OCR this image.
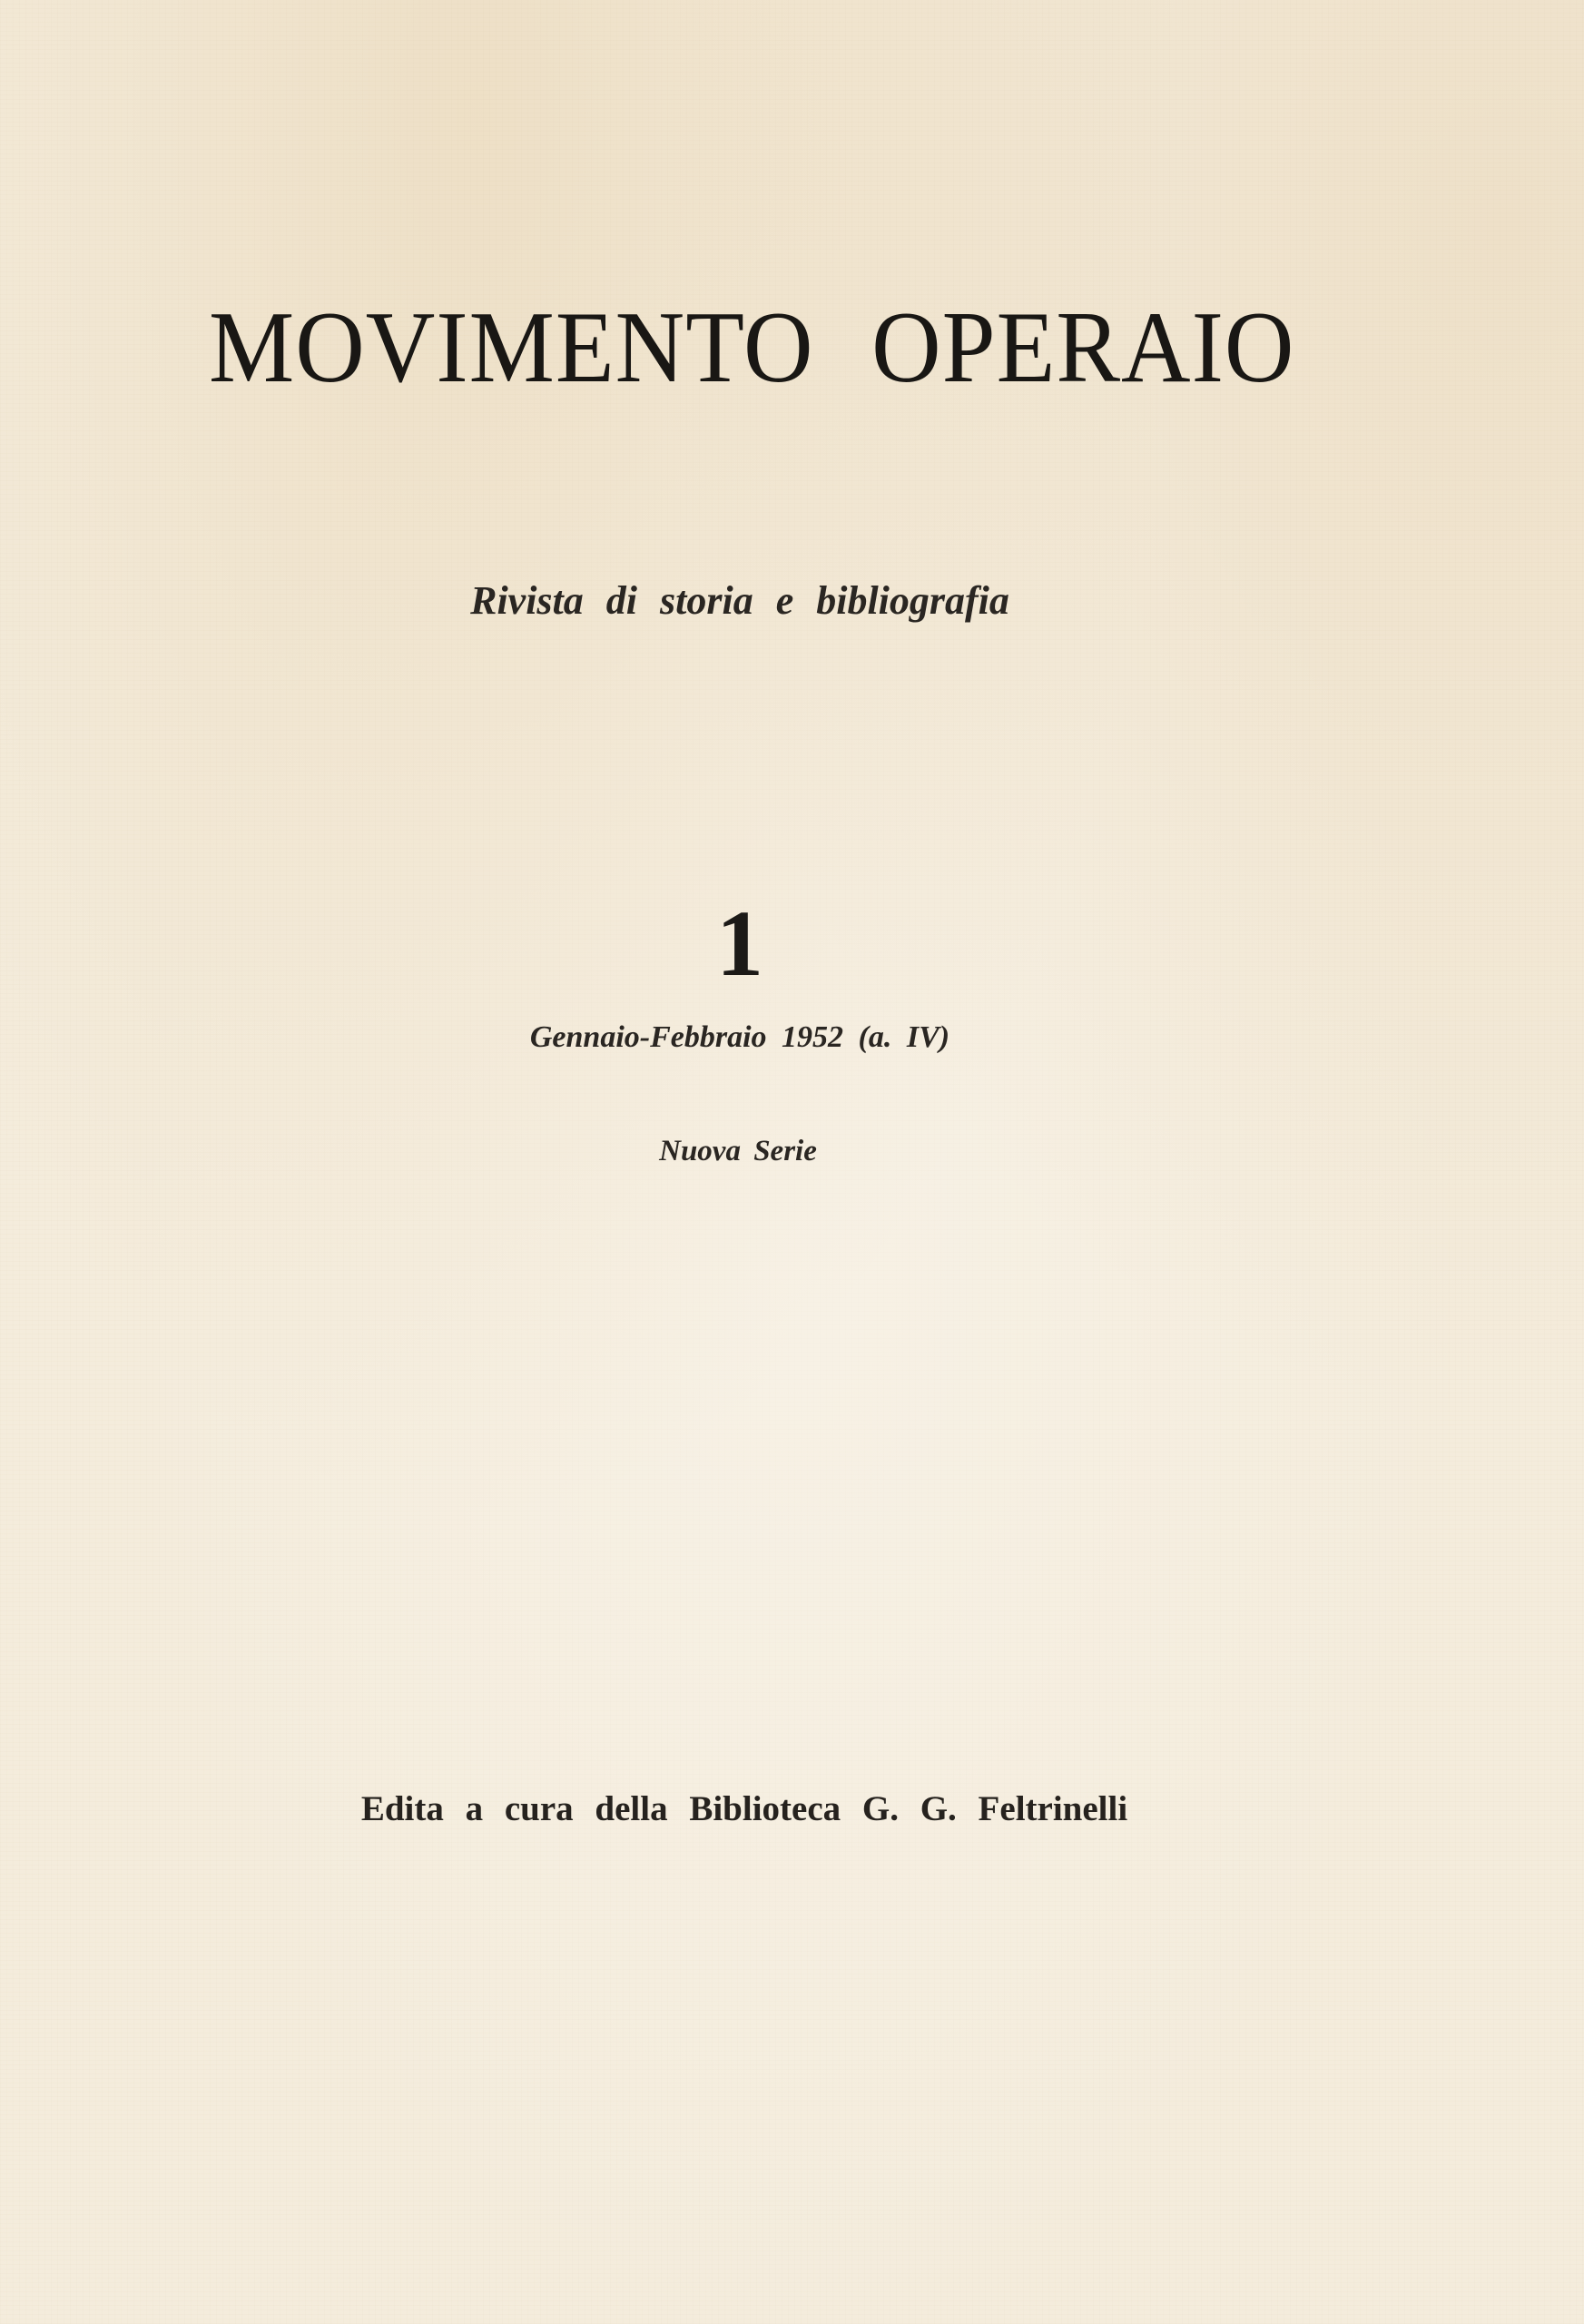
MOVIMENTO OPERAIO

Rivista di storia e bibliografia

1

Gennaio-Febbraio 1952 (a. IV)

Nuova Serie

Edita a cura della Biblioteca G. G. Feltrinelli
